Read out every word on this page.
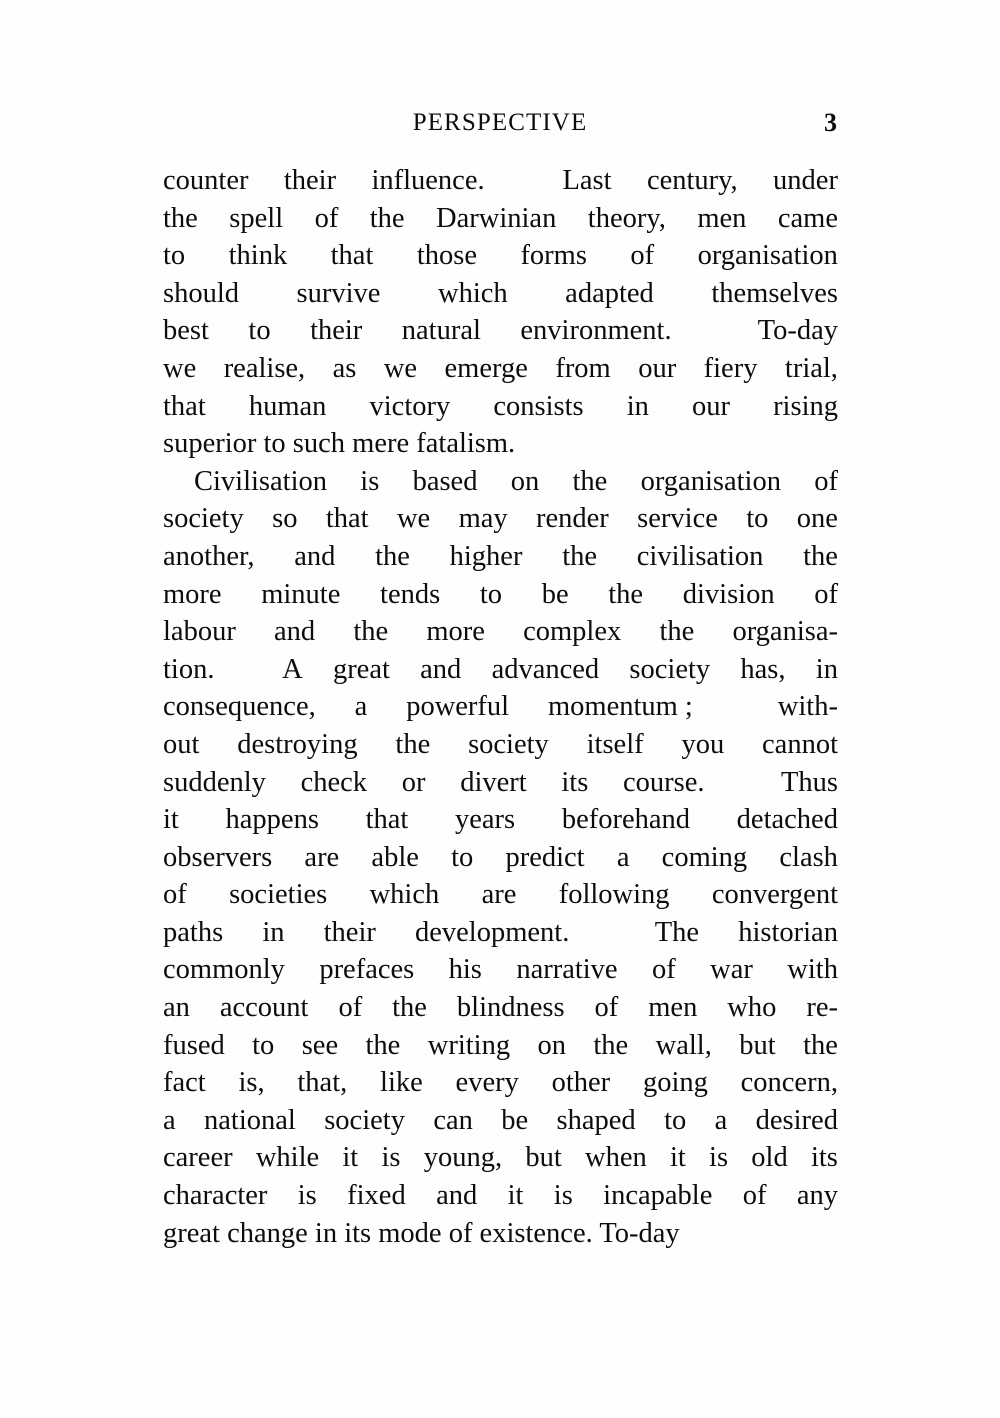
PERSPECTIVE	3
counter their influence.
	Last century, under
the spell of the Darwinian theory, men came
to think that those forms of organisation
should survive which adapted themselves
best to their natural environment.
	To-day
we realise, as we emerge from our fiery trial,
that human victory consists in our rising
superior to such mere fatalism.
Civilisation is based on the organisation of
society so that we may render service to one
another, and the higher the civilisation the
more minute tends to be the division of
labour and the more complex the organisa-
tion.
A great and advanced society has, in
consequence, a powerful momentum ;
	with-
out destroying the society itself you cannot
suddenly check or divert its course.
	Thus
it happens that years beforehand detached
observers are able to predict a coming clash
of societies which are following convergent
paths in their development.
	The historian
commonly prefaces his narrative of war with
an account of the blindness of men who re-
fused to see the writing on the wall, but the
fact is, that, like every other going concern,
a national society can be shaped to a desired
career while it is young, but when it is old its
character is fixed and it is incapable of any
great change in its mode of existence. To-day
